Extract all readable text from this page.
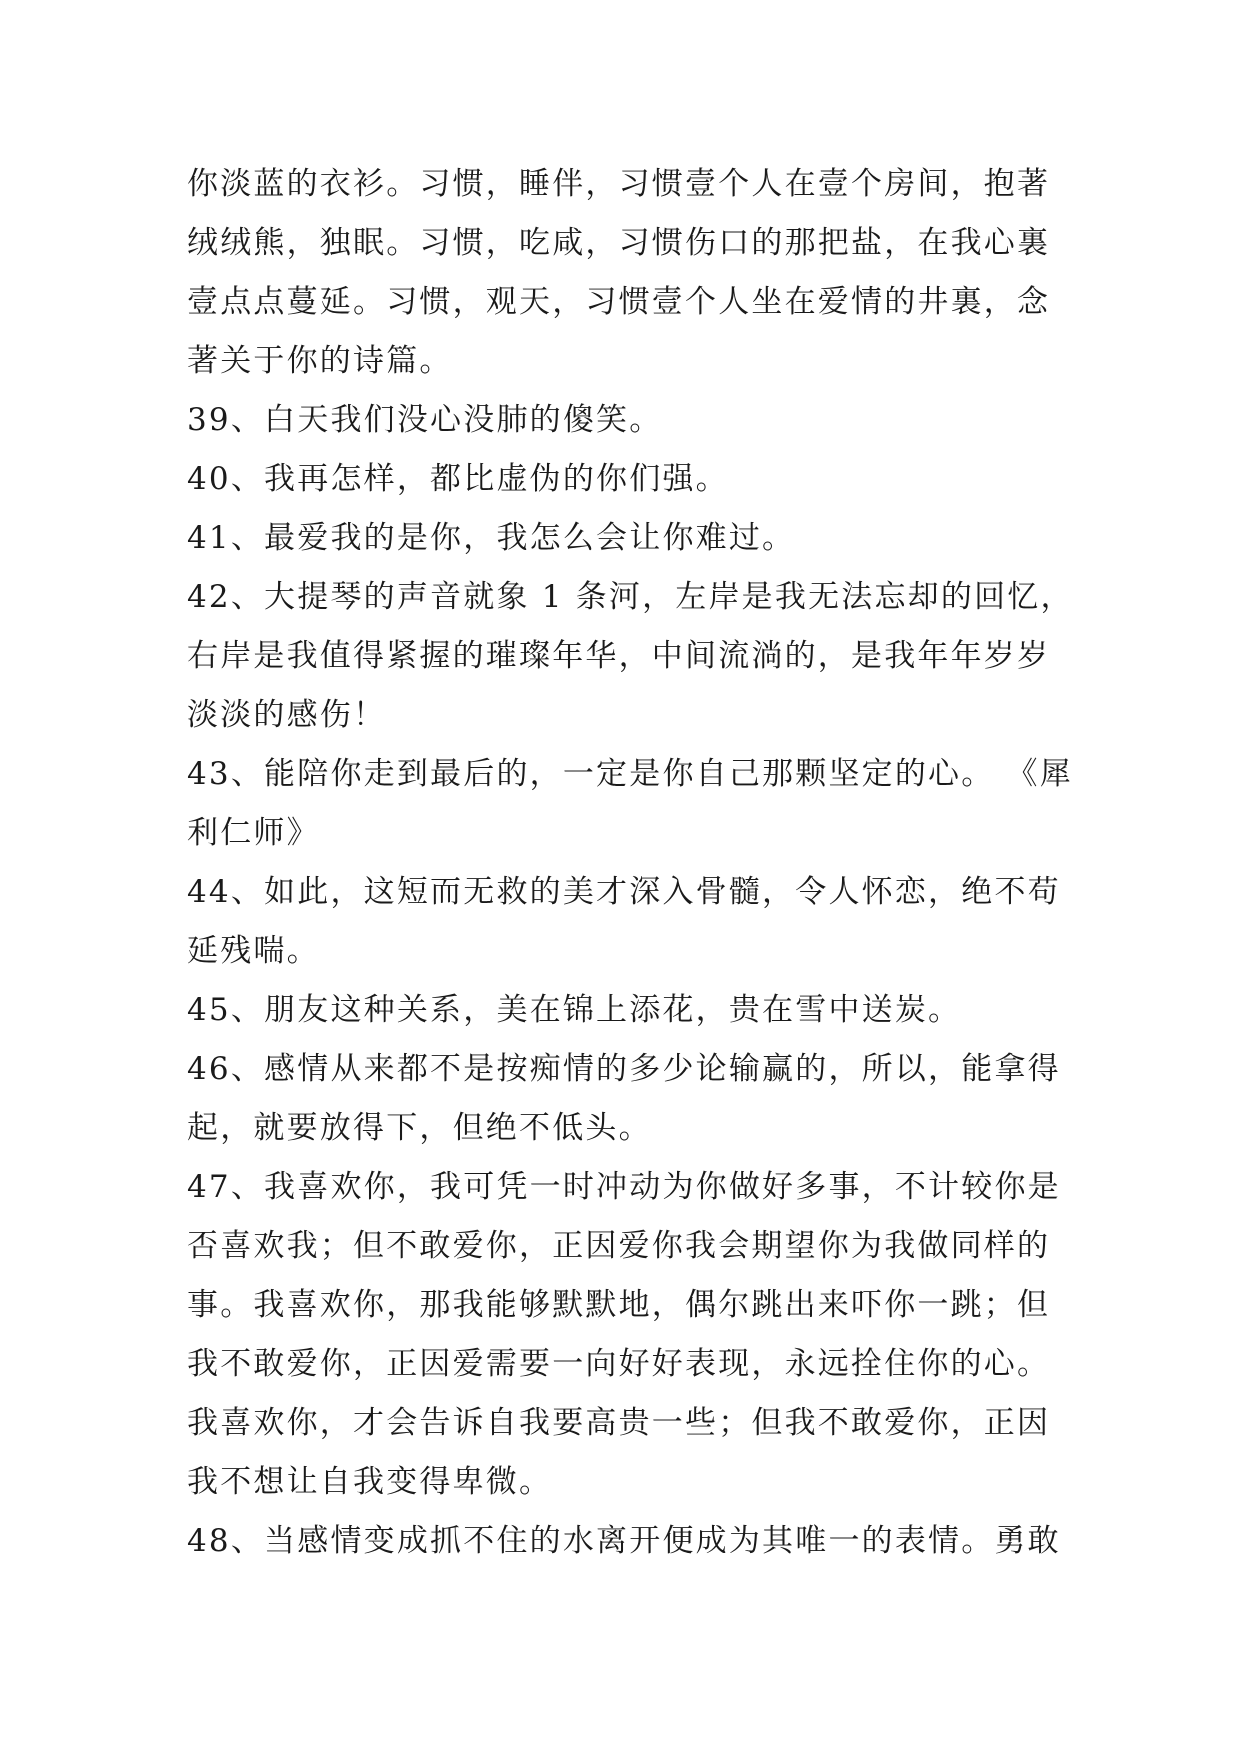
你淡蓝的衣衫。习惯，睡伴，习惯壹个人在壹个房间，抱著
绒绒熊，独眠。习惯，吃咸，习惯伤口的那把盐，在我心裏
壹点点蔓延。习惯，观天，习惯壹个人坐在爱情的井裏，念
著关于你的诗篇。
39、白天我们没心没肺的傻笑。
40、我再怎样，都比虚伪的你们强。
41、最爱我的是你，我怎么会让你难过。
42、大提琴的声音就象 1 条河，左岸是我无法忘却的回忆，
右岸是我值得紧握的璀璨年华，中间流淌的，是我年年岁岁
淡淡的感伤！
43、能陪你走到最后的，一定是你自己那颗坚定的心。 《犀
利仁师》
44、如此，这短而无救的美才深入骨髓，令人怀恋，绝不苟
延残喘。
45、朋友这种关系，美在锦上添花，贵在雪中送炭。
46、感情从来都不是按痴情的多少论输赢的，所以，能拿得
起，就要放得下，但绝不低头。
47、我喜欢你，我可凭一时冲动为你做好多事，不计较你是
否喜欢我；但不敢爱你，正因爱你我会期望你为我做同样的
事。我喜欢你，那我能够默默地，偶尔跳出来吓你一跳；但
我不敢爱你，正因爱需要一向好好表现，永远拴住你的心。
我喜欢你，才会告诉自我要高贵一些；但我不敢爱你，正因
我不想让自我变得卑微。
48、当感情变成抓不住的水离开便成为其唯一的表情。勇敢
